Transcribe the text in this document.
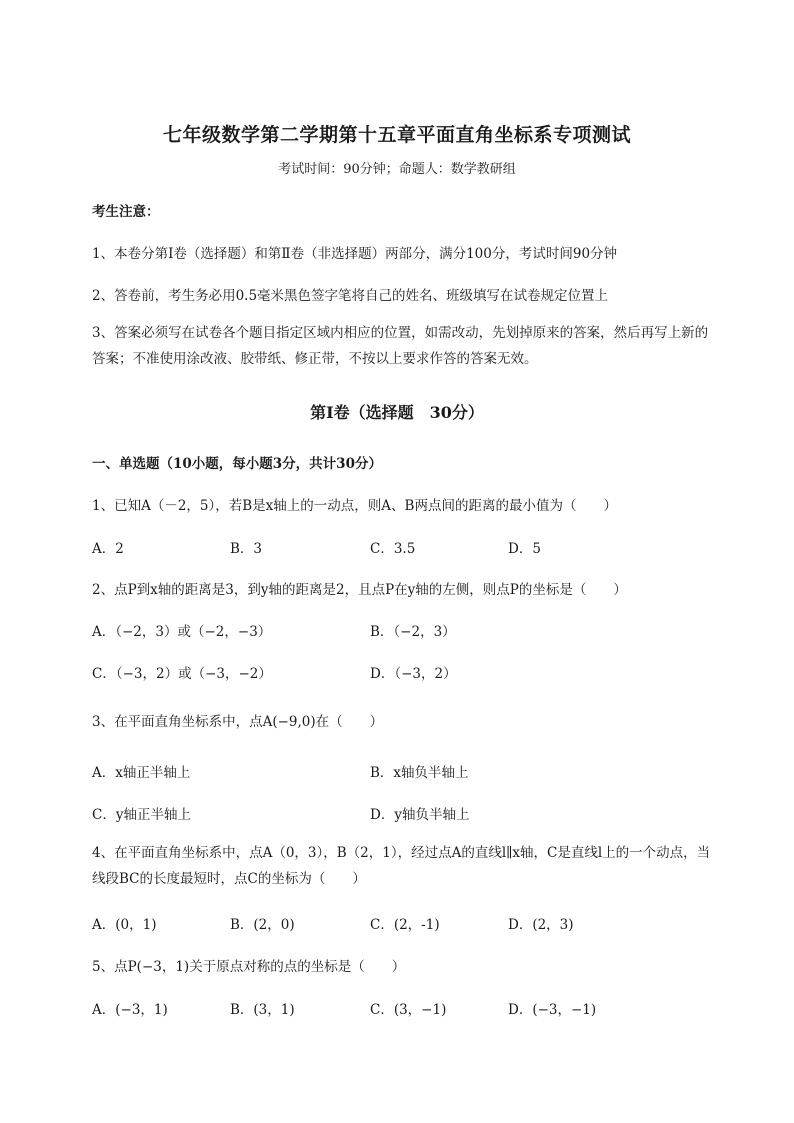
七年级数学第二学期第十五章平面直角坐标系专项测试
考试时间：90分钟；命题人：数学教研组
考生注意：
1、本卷分第Ⅰ卷（选择题）和第Ⅱ卷（非选择题）两部分，满分100分，考试时间90分钟
2、答卷前，考生务必用0.5毫米黑色签字笔将自己的姓名、班级填写在试卷规定位置上
3、答案必须写在试卷各个题目指定区域内相应的位置，如需改动，先划掉原来的答案，然后再写上新的答案；不准使用涂改液、胶带纸、修正带，不按以上要求作答的答案无效。
第Ⅰ卷（选择题　30分）
一、单选题（10小题，每小题3分，共计30分）
1、已知A（－2，5），若B是x轴上的一动点，则A、B两点间的距离的最小值为（　　）
A．2	B．3	C．3.5	D．5
2、点P到x轴的距离是3，到y轴的距离是2，且点P在y轴的左侧，则点P的坐标是（　　）
A．（−2，3）或（−2，−3）	B．（−2，3）
C．（−3，2）或（−3，−2）	D．（−3，2）
3、在平面直角坐标系中，点A(−9,0)在（　　）
A．x轴正半轴上	B．x轴负半轴上
C．y轴正半轴上	D．y轴负半轴上
4、在平面直角坐标系中，点A（0，3），B（2，1），经过点A的直线l∥x轴，C是直线l上的一个动点，当线段BC的长度最短时，点C的坐标为（　　）
A．(0，1)	B．(2，0)	C．(2，-1)	D．(2，3)
5、点P(−3，1)关于原点对称的点的坐标是（　　）
A．(−3，1)	B．(3，1)	C．(3，−1)	D．(−3，−1)
